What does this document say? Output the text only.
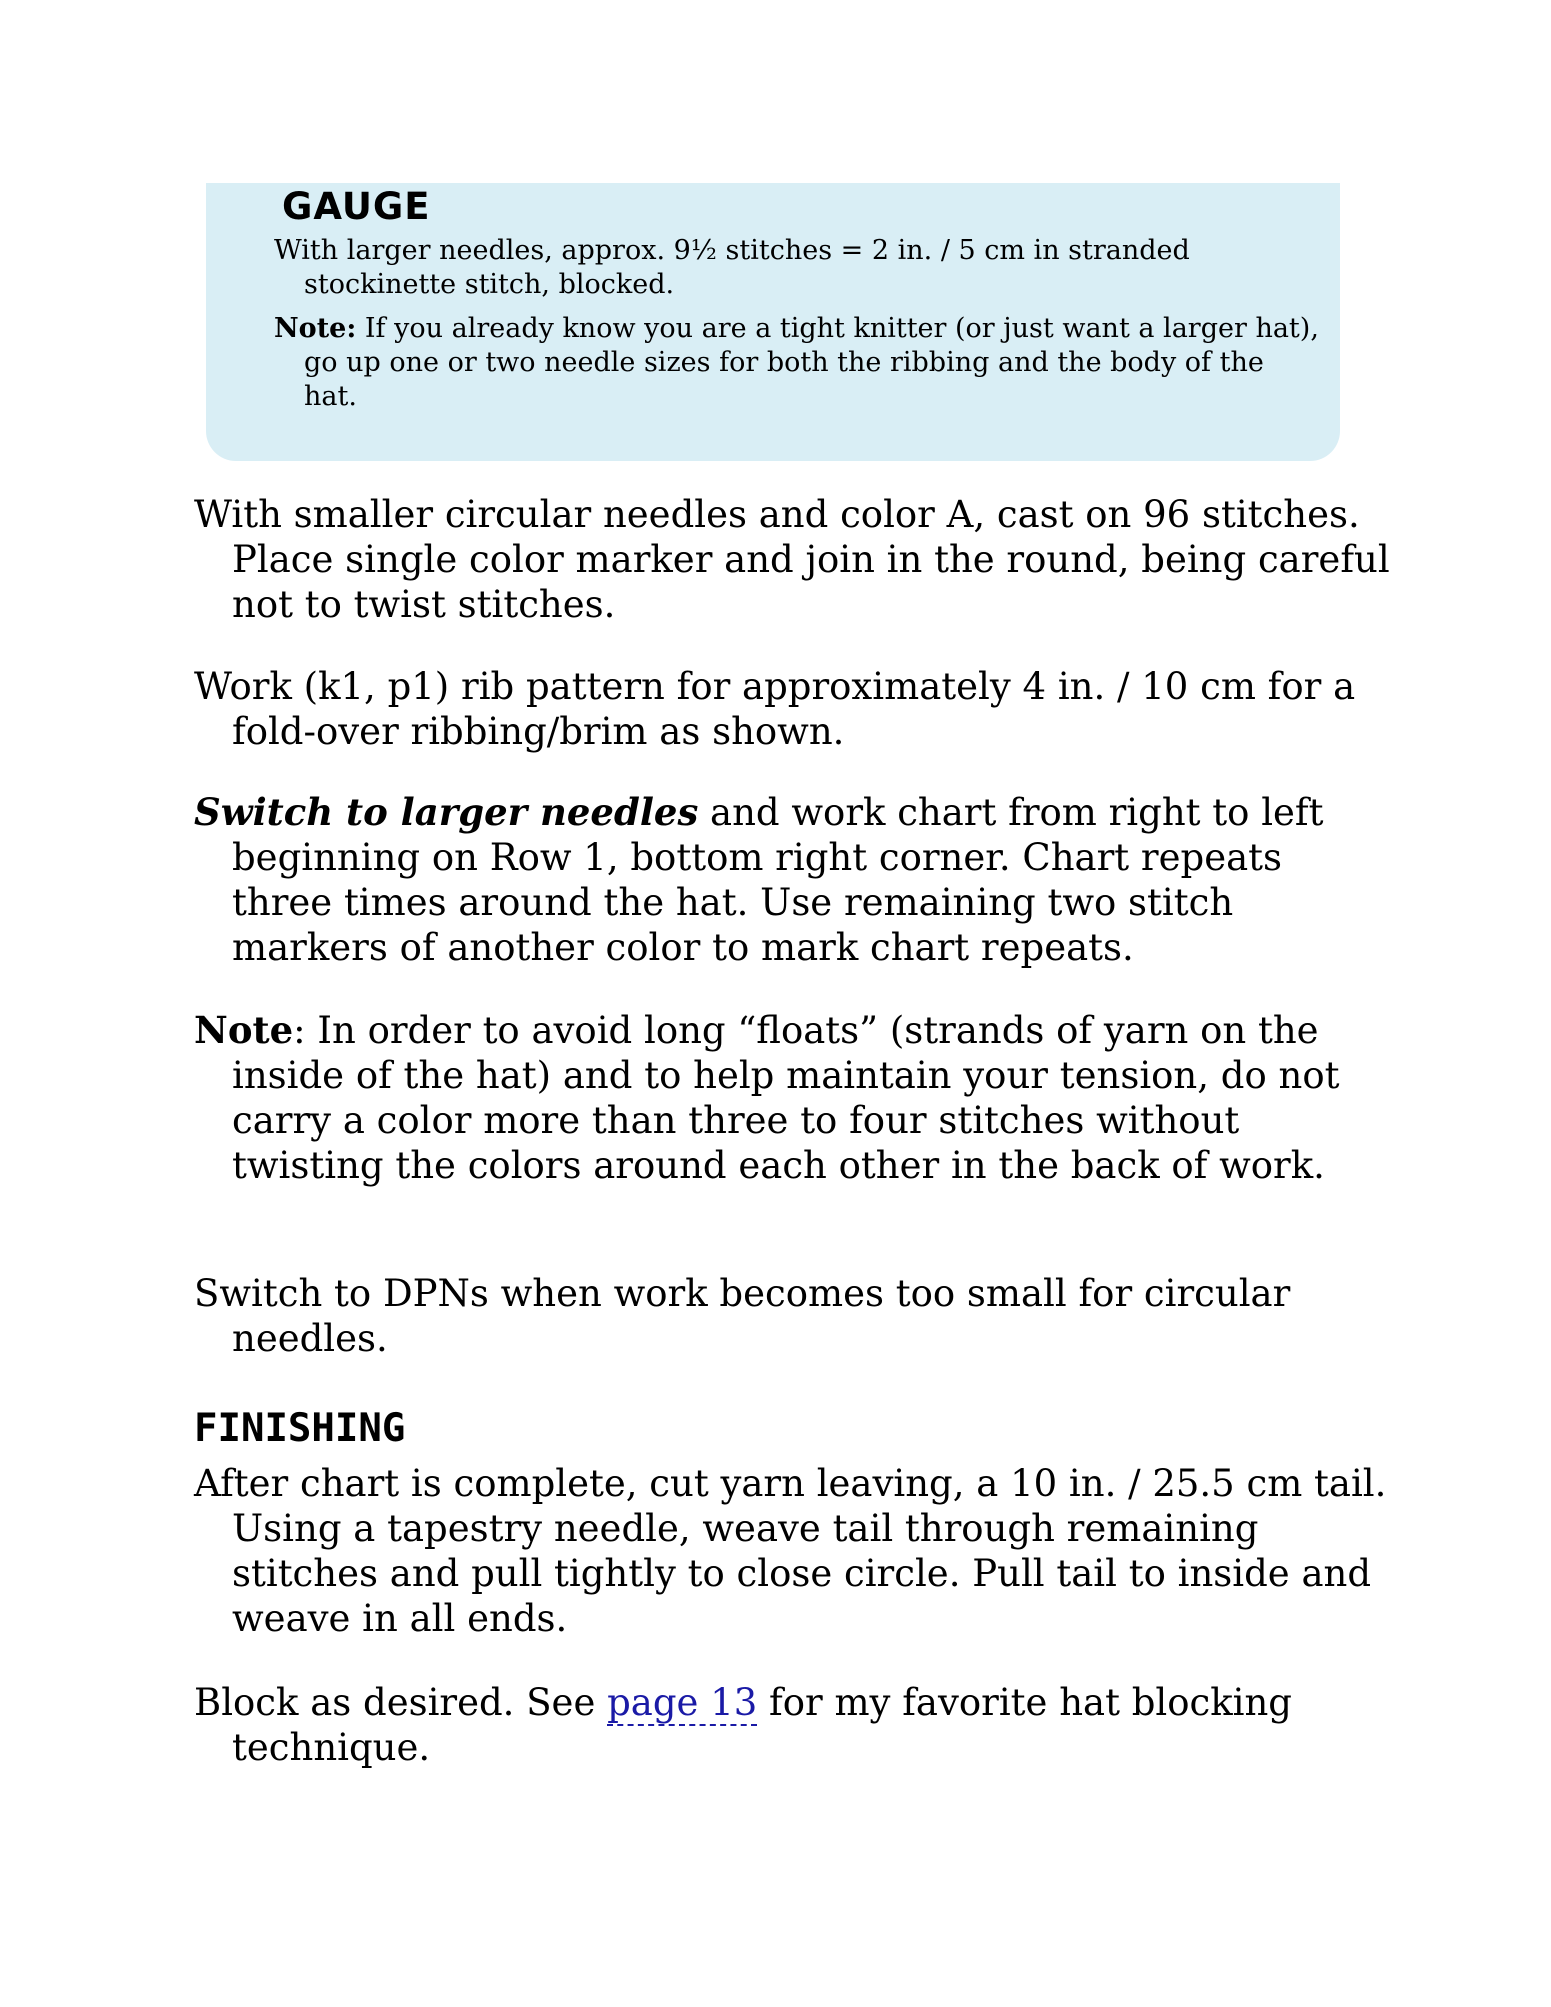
GAUGE

With larger needles, approx. 9½ stitches = 2 in. / 5 cm in stranded stockinette stitch, blocked.

Note: If you already know you are a tight knitter (or just want a larger hat), go up one or two needle sizes for both the ribbing and the body of the hat.

With smaller circular needles and color A, cast on 96 stitches. Place single color marker and join in the round, being careful not to twist stitches.

Work (k1, p1) rib pattern for approximately 4 in. / 10 cm for a fold-over ribbing/brim as shown.

Switch to larger needles and work chart from right to left beginning on Row 1, bottom right corner. Chart repeats three times around the hat. Use remaining two stitch markers of another color to mark chart repeats.

Note: In order to avoid long “floats” (strands of yarn on the inside of the hat) and to help maintain your tension, do not carry a color more than three to four stitches without twisting the colors around each other in the back of work.

Switch to DPNs when work becomes too small for circular needles.

FINISHING

After chart is complete, cut yarn leaving, a 10 in. / 25.5 cm tail. Using a tapestry needle, weave tail through remaining stitches and pull tightly to close circle. Pull tail to inside and weave in all ends.

Block as desired. See page 13 for my favorite hat blocking technique.
